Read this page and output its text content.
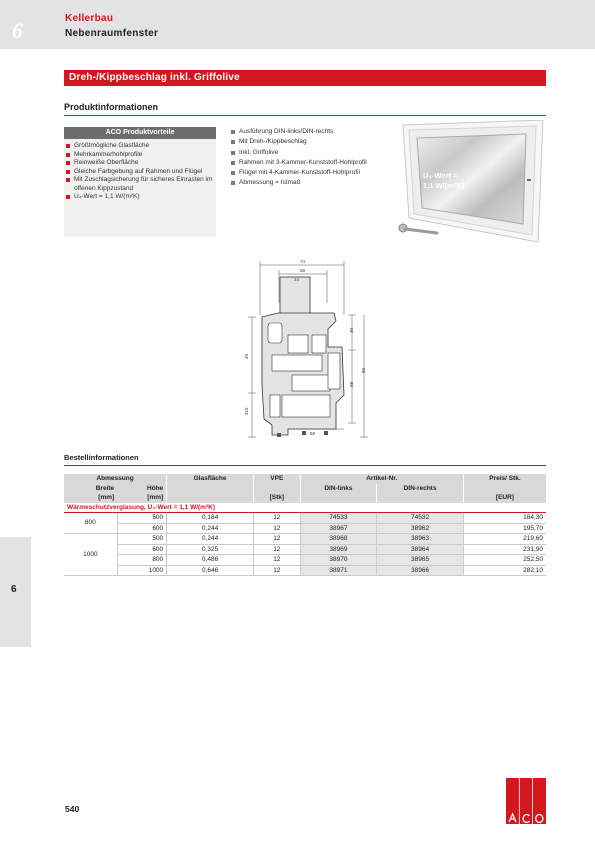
6	Kellerbau
Nebenraumfenster
Dreh-/Kippbeschlag inkl. Griffolive
Produktinformationen
ACO Produktvorteile
Größtmögliche Glasfläche
Mehrkammerhohlprofile
Reinweiße Oberfläche
Gleiche Farbgebung auf Rahmen und Flügel
Mit Zuschlagsicherung für sicheres Einrasten im offenen Kippzustand
U₄-Wert = 1,1 W/(m²K)
Ausführung DIN-links/DIN-rechts
Mit Dreh-/Kippbeschlag
Inkl. Griffolive
Rahmen mit 3-Kammer-Kunststoff-Hohlprofil
Flügel mit 4-Kammer-Kunststoff-Hohlprofil
Abmessung = Istmaß
U₄-Wert =
1,1 W/(m²K)
74
58
24
30
49
68
86
315
58
Bestellinformationen
Abmessung		Glasfläche	VPE	Artikel-Nr.		Preis/ Stk.
Breite	Höhe			DIN-links	DIN-rechts	
[mm]	[mm]		[Stk]			[EUR]
Wärmeschutzverglasung, U₄-Wert = 1,1 W/(m²K)						
800	500	0,184	12	74533	74532	184,30
	600	0,244	12	38967	38962	195,70
1000	500	0,244	12	38968	38963	219,60
	600	0,325	12	38969	38964	231,90
	800	0,486	12	38970	38965	252,50
	1000	0,646	12	38971	38966	282,10
6
540
